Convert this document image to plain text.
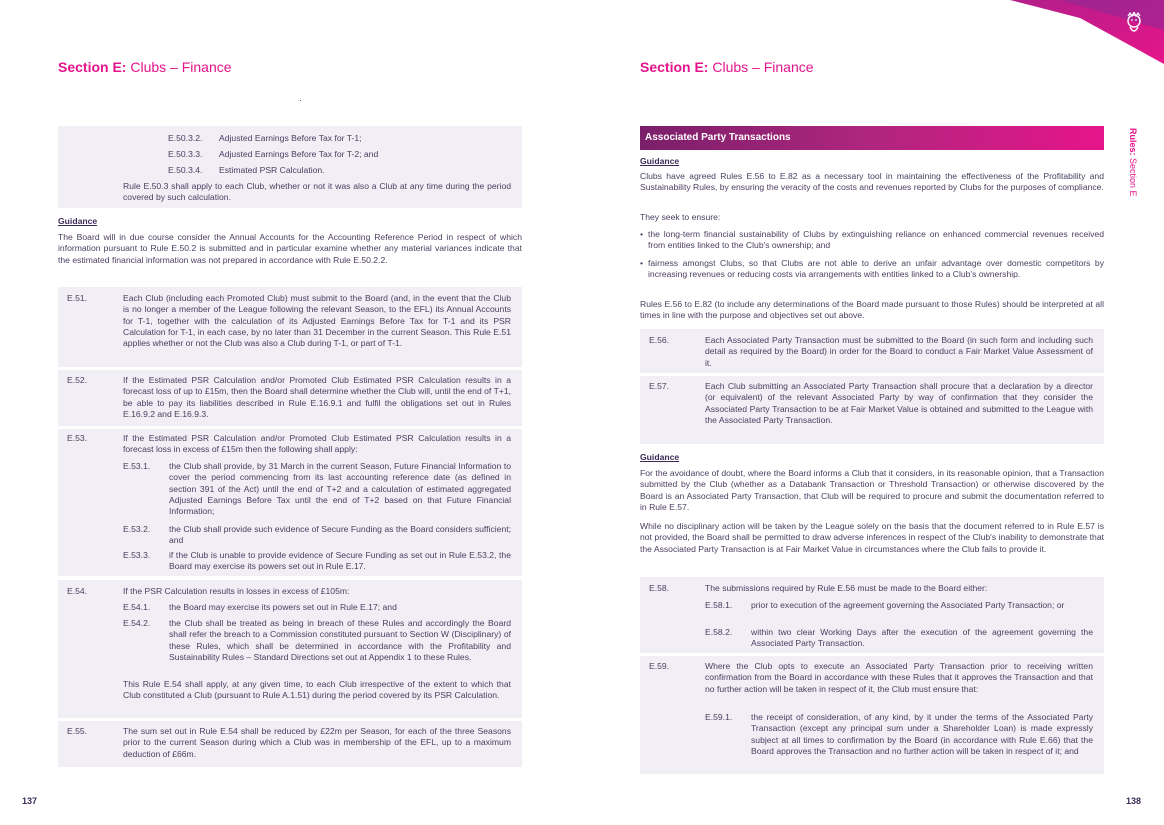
Section E: Clubs – Finance	Section E: Clubs – Finance
Rules: Section E
E.50.3.2. Adjusted Earnings Before Tax for T-1;
E.50.3.3. Adjusted Earnings Before Tax for T-2; and
E.50.3.4. Estimated PSR Calculation.
Rule E.50.3 shall apply to each Club, whether or not it was also a Club at any time during the period covered by such calculation.
Guidance
The Board will in due course consider the Annual Accounts for the Accounting Reference Period in respect of which information pursuant to Rule E.50.2 is submitted and in particular examine whether any material variances indicate that the estimated financial information was not prepared in accordance with Rule E.50.2.2.
E.51.	Each Club (including each Promoted Club) must submit to the Board (and, in the event that the Club is no longer a member of the League following the relevant Season, to the EFL) its Annual Accounts for T-1, together with the calculation of its Adjusted Earnings Before Tax for T-1 and its PSR Calculation for T-1, in each case, by no later than 31 December in the current Season. This Rule E.51 applies whether or not the Club was also a Club during T-1, or part of T-1.
E.52.	If the Estimated PSR Calculation and/or Promoted Club Estimated PSR Calculation results in a forecast loss of up to £15m, then the Board shall determine whether the Club will, until the end of T+1, be able to pay its liabilities described in Rule E.16.9.1 and fulfil the obligations set out in Rules E.16.9.2 and E.16.9.3.
E.53.	If the Estimated PSR Calculation and/or Promoted Club Estimated PSR Calculation results in a forecast loss in excess of £15m then the following shall apply:
E.53.1. the Club shall provide, by 31 March in the current Season, Future Financial Information to cover the period commencing from its last accounting reference date (as defined in section 391 of the Act) until the end of T+2 and a calculation of estimated aggregated Adjusted Earnings Before Tax until the end of T+2 based on that Future Financial Information;
E.53.2. the Club shall provide such evidence of Secure Funding as the Board considers sufficient; and
E.53.3. if the Club is unable to provide evidence of Secure Funding as set out in Rule E.53.2, the Board may exercise its powers set out in Rule E.17.
E.54.	If the PSR Calculation results in losses in excess of £105m:
E.54.1. the Board may exercise its powers set out in Rule E.17; and
E.54.2. the Club shall be treated as being in breach of these Rules and accordingly the Board shall refer the breach to a Commission constituted pursuant to Section W (Disciplinary) of these Rules, which shall be determined in accordance with the Profitability and Sustainability Rules – Standard Directions set out at Appendix 1 to these Rules.
This Rule E.54 shall apply, at any given time, to each Club irrespective of the extent to which that Club constituted a Club (pursuant to Rule A.1.51) during the period covered by its PSR Calculation.
E.55.	The sum set out in Rule E.54 shall be reduced by £22m per Season, for each of the three Seasons prior to the current Season during which a Club was in membership of the EFL, up to a maximum deduction of £66m.
137
Associated Party Transactions
Guidance
Clubs have agreed Rules E.56 to E.82 as a necessary tool in maintaining the effectiveness of the Profitability and Sustainability Rules, by ensuring the veracity of the costs and revenues reported by Clubs for the purposes of compliance.
They seek to ensure:
• the long-term financial sustainability of Clubs by extinguishing reliance on enhanced commercial revenues received from entities linked to the Club's ownership; and
• fairness amongst Clubs, so that Clubs are not able to derive an unfair advantage over domestic competitors by increasing revenues or reducing costs via arrangements with entities linked to a Club's ownership.
Rules E.56 to E.82 (to include any determinations of the Board made pursuant to those Rules) should be interpreted at all times in line with the purpose and objectives set out above.
E.56.	Each Associated Party Transaction must be submitted to the Board (in such form and including such detail as required by the Board) in order for the Board to conduct a Fair Market Value Assessment of it.
E.57.	Each Club submitting an Associated Party Transaction shall procure that a declaration by a director (or equivalent) of the relevant Associated Party by way of confirmation that they consider the Associated Party Transaction to be at Fair Market Value is obtained and submitted to the League with the Associated Party Transaction.
Guidance
For the avoidance of doubt, where the Board informs a Club that it considers, in its reasonable opinion, that a Transaction submitted by the Club (whether as a Databank Transaction or Threshold Transaction) or otherwise discovered by the Board is an Associated Party Transaction, that Club will be required to procure and submit the documentation referred to in Rule E.57.
While no disciplinary action will be taken by the League solely on the basis that the document referred to in Rule E.57 is not provided, the Board shall be permitted to draw adverse inferences in respect of the Club's inability to demonstrate that the Associated Party Transaction is at Fair Market Value in circumstances where the Club fails to provide it.
E.58.	The submissions required by Rule E.56 must be made to the Board either:
E.58.1. prior to execution of the agreement governing the Associated Party Transaction; or
E.58.2. within two clear Working Days after the execution of the agreement governing the Associated Party Transaction.
E.59.	Where the Club opts to execute an Associated Party Transaction prior to receiving written confirmation from the Board in accordance with these Rules that it approves the Transaction and that no further action will be taken in respect of it, the Club must ensure that:
E.59.1. the receipt of consideration, of any kind, by it under the terms of the Associated Party Transaction (except any principal sum under a Shareholder Loan) is made expressly subject at all times to confirmation by the Board (in accordance with Rule E.66) that the Board approves the Transaction and no further action will be taken in respect of it; and
138
